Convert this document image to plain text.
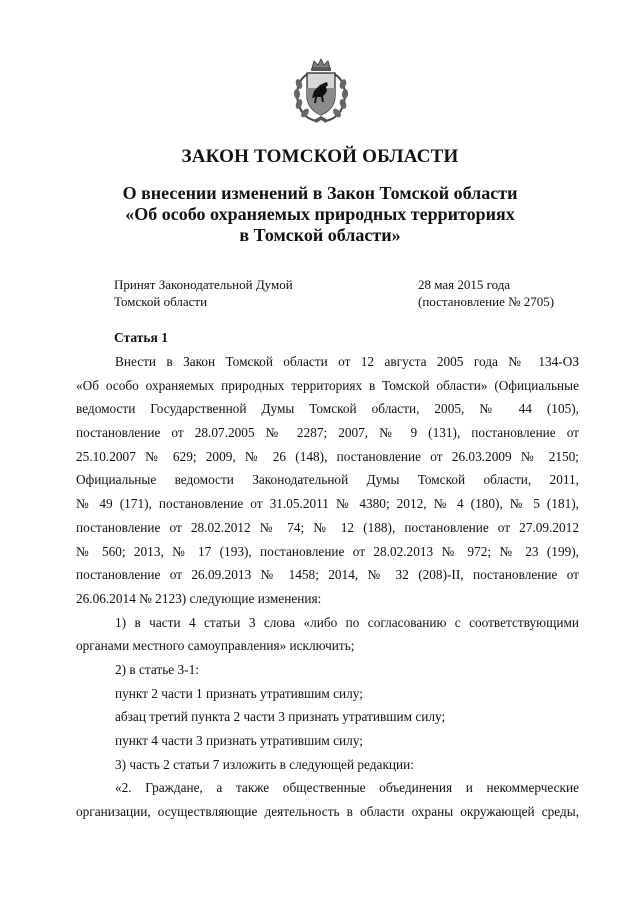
ЗАКОН ТОМСКОЙ ОБЛАСТИ
О внесении изменений в Закон Томской области
«Об особо охраняемых природных территориях
в Томской области»
Принят Законодательной Думой
Томской области
28 мая 2015 года
(постановление № 2705)
Статья 1
Внести в Закон Томской области от 12 августа 2005 года № 134-ОЗ
«Об особо охраняемых природных территориях в Томской области» (Официальные
ведомости Государственной Думы Томской области, 2005, № 44 (105),
постановление от 28.07.2005 № 2287; 2007, № 9 (131), постановление от
25.10.2007 № 629; 2009, № 26 (148), постановление от 26.03.2009 № 2150;
Официальные ведомости Законодательной Думы Томской области, 2011,
№ 49 (171), постановление от 31.05.2011 № 4380; 2012, № 4 (180), № 5 (181),
постановление от 28.02.2012 № 74; № 12 (188), постановление от 27.09.2012
№ 560; 2013, № 17 (193), постановление от 28.02.2013 № 972; № 23 (199),
постановление от 26.09.2013 № 1458; 2014, № 32 (208)-II, постановление от
26.06.2014 № 2123) следующие изменения:
1) в части 4 статьи 3 слова «либо по согласованию с соответствующими
органами местного самоуправления» исключить;
2) в статье 3-1:
пункт 2 части 1 признать утратившим силу;
абзац третий пункта 2 части 3 признать утратившим силу;
пункт 4 части 3 признать утратившим силу;
3) часть 2 статьи 7 изложить в следующей редакции:
«2. Граждане, а также общественные объединения и некоммерческие
организации, осуществляющие деятельность в области охраны окружающей среды,
